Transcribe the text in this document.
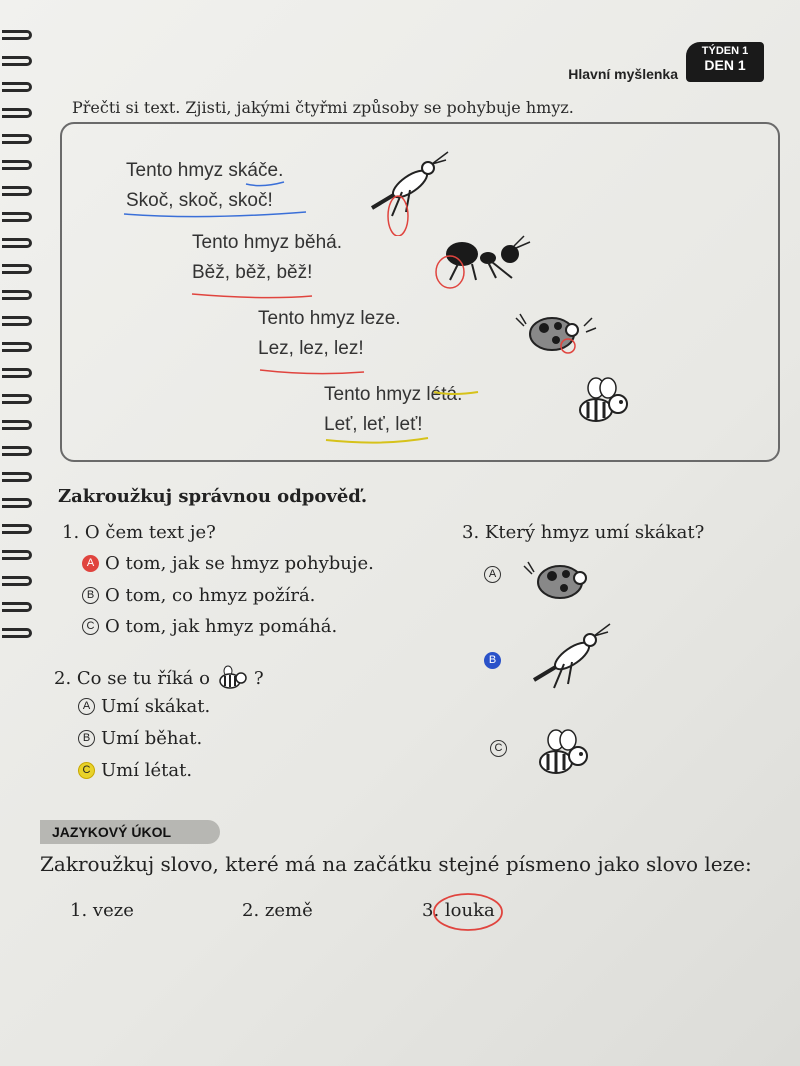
Hlavní myšlenka
TÝDEN 1
DEN 1
Přečti si text. Zjisti, jakými čtyřmi způsoby se pohybuje hmyz.
Tento hmyz skáče.
Skoč, skoč, skoč!
Tento hmyz běhá.
Běž, běž, běž!
Tento hmyz leze.
Lez, lez, lez!
Tento hmyz létá.
Leť, leť, leť!
Zakroužkuj správnou odpověď.
1. O čem text je?
A O tom, jak se hmyz pohybuje.
B O tom, co hmyz požírá.
C O tom, jak hmyz pomáhá.
2. Co se tu říká o ?
A Umí skákat.
B Umí běhat.
C Umí létat.
3. Který hmyz umí skákat?
A
B
C
JAZYKOVÝ ÚKOL
Zakroužkuj slovo, které má na začátku stejné písmeno jako slovo leze:
1. veze	2. země	3. louka
